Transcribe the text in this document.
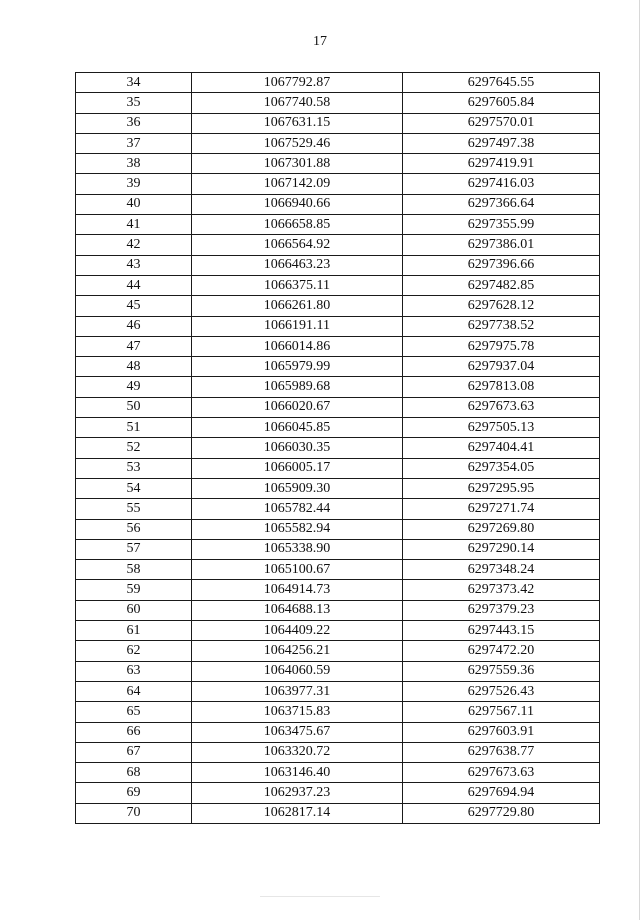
17
34	1067792.87	6297645.55
35	1067740.58	6297605.84
36	1067631.15	6297570.01
37	1067529.46	6297497.38
38	1067301.88	6297419.91
39	1067142.09	6297416.03
40	1066940.66	6297366.64
41	1066658.85	6297355.99
42	1066564.92	6297386.01
43	1066463.23	6297396.66
44	1066375.11	6297482.85
45	1066261.80	6297628.12
46	1066191.11	6297738.52
47	1066014.86	6297975.78
48	1065979.99	6297937.04
49	1065989.68	6297813.08
50	1066020.67	6297673.63
51	1066045.85	6297505.13
52	1066030.35	6297404.41
53	1066005.17	6297354.05
54	1065909.30	6297295.95
55	1065782.44	6297271.74
56	1065582.94	6297269.80
57	1065338.90	6297290.14
58	1065100.67	6297348.24
59	1064914.73	6297373.42
60	1064688.13	6297379.23
61	1064409.22	6297443.15
62	1064256.21	6297472.20
63	1064060.59	6297559.36
64	1063977.31	6297526.43
65	1063715.83	6297567.11
66	1063475.67	6297603.91
67	1063320.72	6297638.77
68	1063146.40	6297673.63
69	1062937.23	6297694.94
70	1062817.14	6297729.80
